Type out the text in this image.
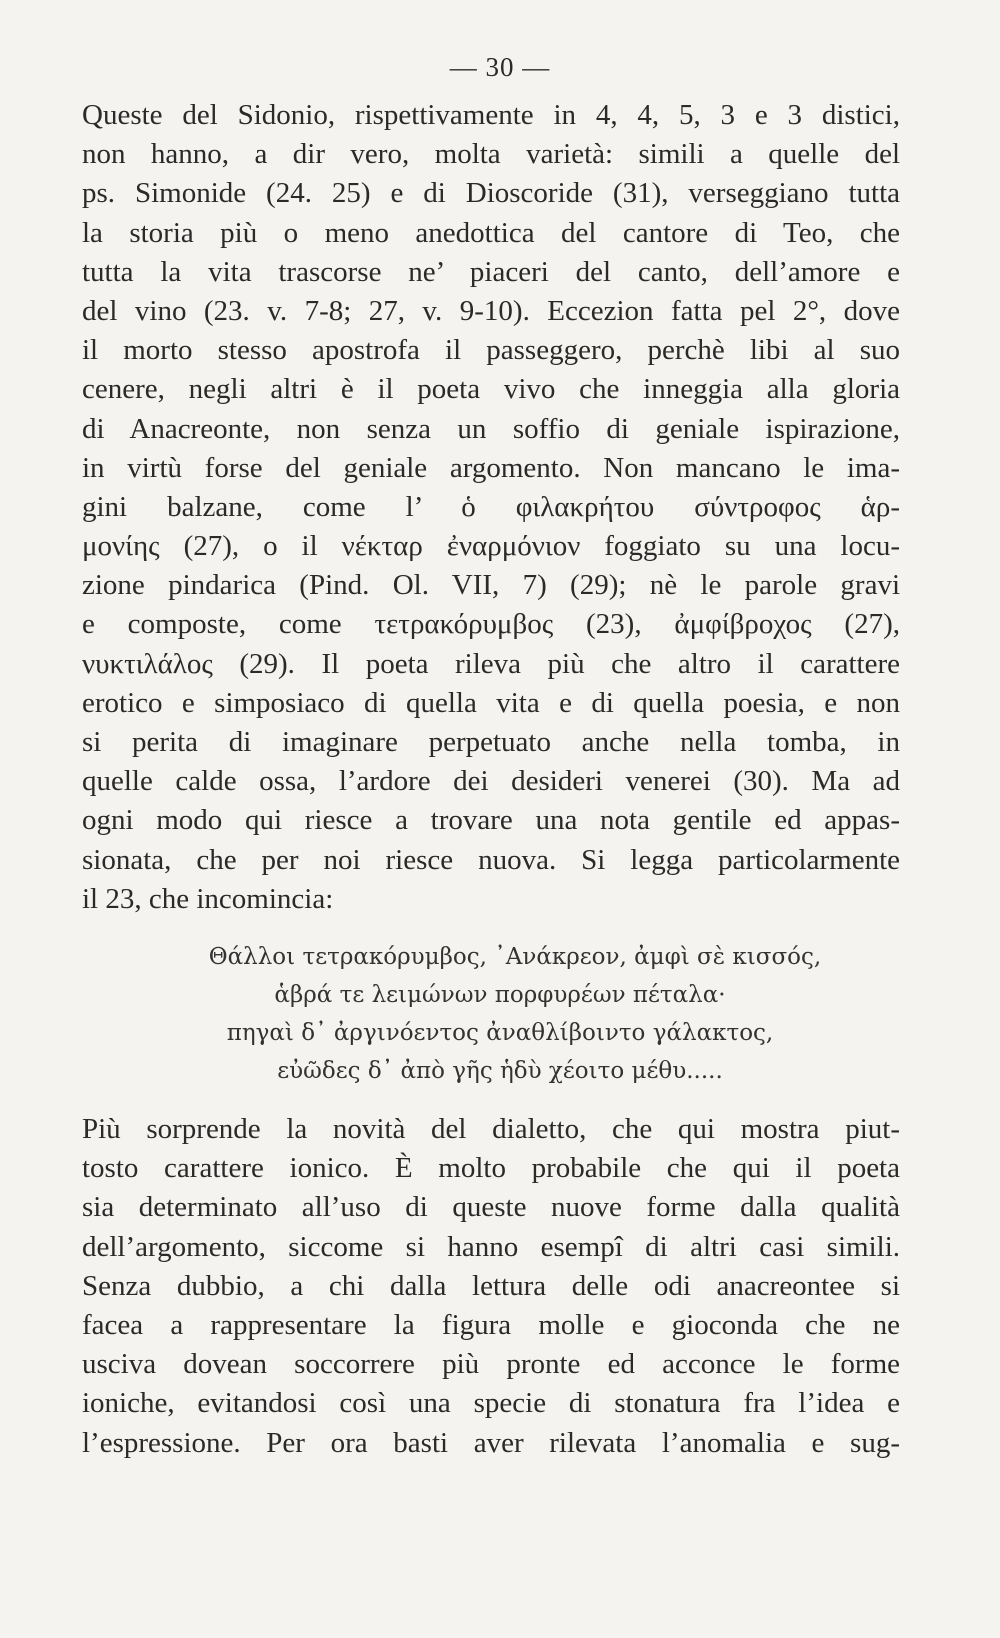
— 30 —
Queste del Sidonio, rispettivamente in 4, 4, 5, 3 e 3 distici,
non hanno, a dir vero, molta varietà: simili a quelle del
ps. Simonide (24. 25) e di Dioscoride (31), verseggiano tutta
la storia più o meno anedottica del cantore di Teo, che
tutta la vita trascorse ne’ piaceri del canto, dell’amore e
del vino (23. v. 7-8; 27, v. 9-10). Eccezion fatta pel 2°, dove
il morto stesso apostrofa il passeggero, perchè libi al suo
cenere, negli altri è il poeta vivo che inneggia alla gloria
di Anacreonte, non senza un soffio di geniale ispirazione,
in virtù forse del geniale argomento. Non mancano le ima-
gini balzane, come l’ ὁ φιλακρήτου σύντροφος ἁρ-
μονίης (27), o il νέκταρ ἐναρμόνιον foggiato su una locu-
zione pindarica (Pind. Ol. VII, 7) (29); nè le parole gravi
e composte, come τετρακόρυμβος (23), ἀμφίβροχος (27),
νυκτιλάλος (29). Il poeta rileva più che altro il carattere
erotico e simposiaco di quella vita e di quella poesia, e non
si perita di imaginare perpetuato anche nella tomba, in
quelle calde ossa, l’ardore dei desideri venerei (30). Ma ad
ogni modo qui riesce a trovare una nota gentile ed appas-
sionata, che per noi riesce nuova. Si legga particolarmente
il 23, che incomincia:
Θάλλοι τετρακόρυμβος, ᾿Ανάκρεον, ἀμφὶ σὲ κισσός,
ἁβρά τε λειμώνων πορφυρέων πέταλα·
πηγαὶ δ᾽ ἀργινόεντος ἀναθλίβοιντο γάλακτος,
εὐῶδες δ᾽ ἀπὸ γῆς ἡδὺ χέοιτο μέθυ.....
Più sorprende la novità del dialetto, che qui mostra piut-
tosto carattere ionico. È molto probabile che qui il poeta
sia determinato all’uso di queste nuove forme dalla qualità
dell’argomento, siccome si hanno esempî di altri casi simili.
Senza dubbio, a chi dalla lettura delle odi anacreontee si
facea a rappresentare la figura molle e gioconda che ne
usciva dovean soccorrere più pronte ed acconce le forme
ioniche, evitandosi così una specie di stonatura fra l’idea e
l’espressione. Per ora basti aver rilevata l’anomalia e sug-
